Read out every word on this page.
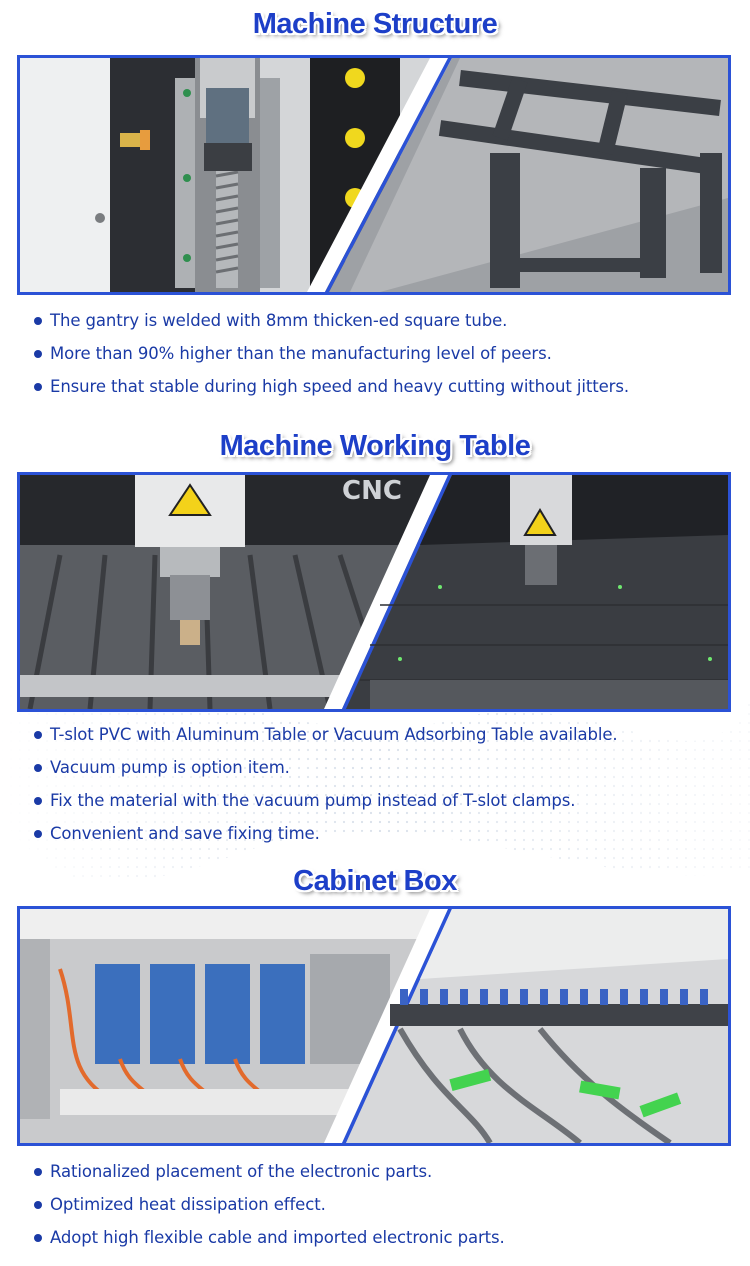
Machine Structure
The gantry is welded with 8mm thicken-ed square tube.
More than 90% higher than the manufacturing level of peers.
Ensure that stable during high speed and heavy cutting without jitters.
Machine Working Table
CNC
T-slot PVC with Aluminum Table or Vacuum Adsorbing Table available.
Vacuum pump is option item.
Fix the material with the vacuum pump instead of T-slot clamps.
Convenient and save fixing time.
Cabinet Box
Rationalized placement of the electronic parts.
Optimized heat dissipation effect.
Adopt high flexible cable and imported electronic parts.
